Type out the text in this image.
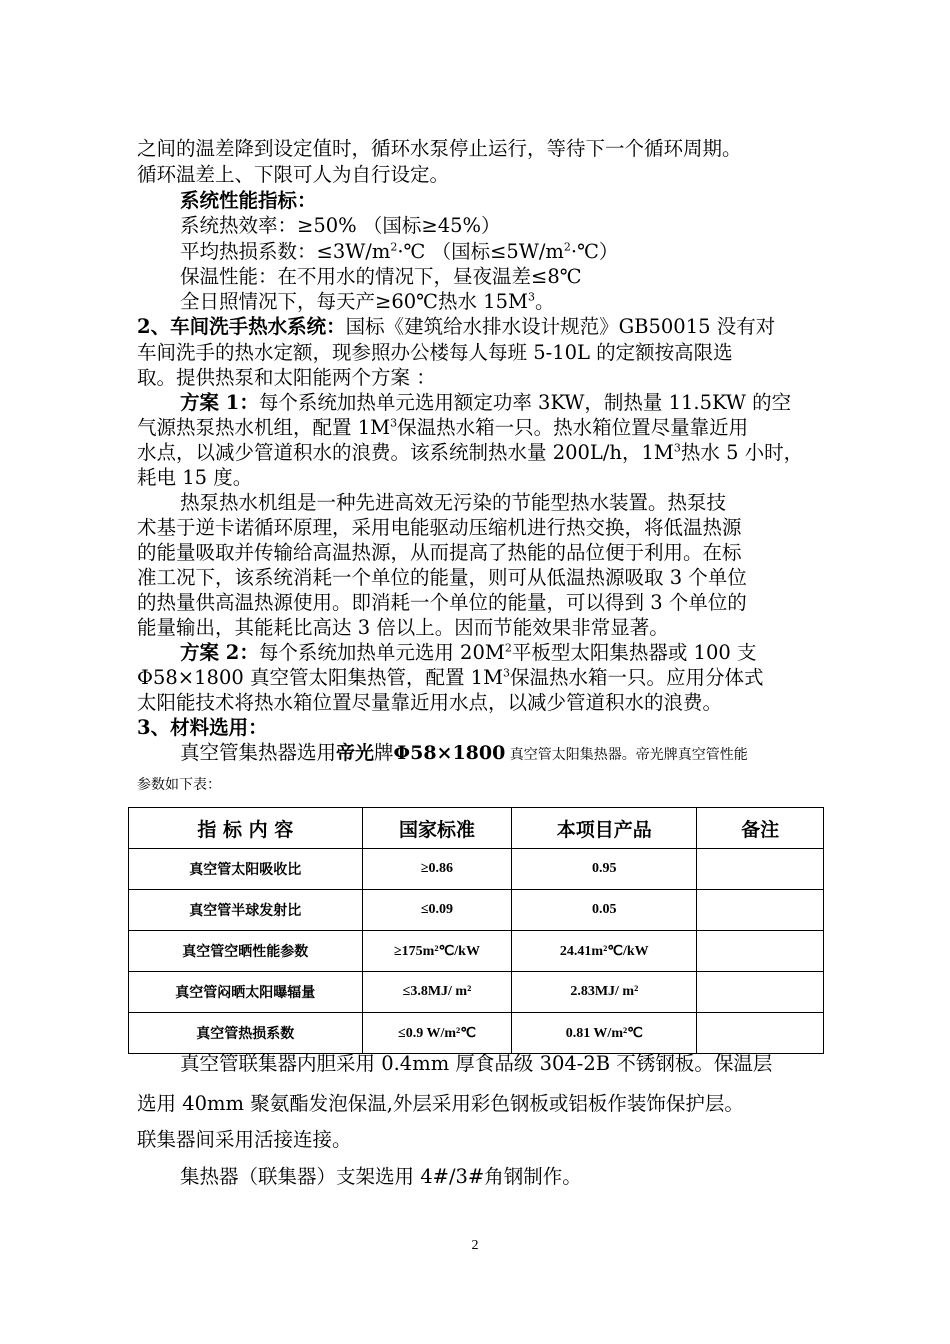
之间的温差降到设定值时，循环水泵停止运行，等待下一个循环周期。
循环温差上、下限可人为自行设定。
系统性能指标：
系统热效率：≥50% （国标≥45%）
平均热损系数：$\le 3W/m^2\cdot℃$ （国标$\le 5W/m^2\cdot℃$）
保温性能：在不用水的情况下，昼夜温差≤8℃
全日照情况下，每天产≥60℃热水 $15M^3$。
2、车间洗手热水系统：国标《建筑给水排水设计规范》GB50015 没有对
车间洗手的热水定额，现参照办公楼每人每班 5-10L 的定额按高限选
取。提供热泵和太阳能两个方案 ：
方案 1：每个系统加热单元选用额定功率 3KW，制热量 11.5KW 的空
气源热泵热水机组，配置 $1M^3$保温热水箱一只。热水箱位置尽量靠近用
水点，以减少管道积水的浪费。该系统制热水量 200L/h，$1M^3$热水 5 小时，
耗电 15 度。
热泵热水机组是一种先进高效无污染的节能型热水装置。热泵技
术基于逆卡诺循环原理，采用电能驱动压缩机进行热交换，将低温热源
的能量吸取并传输给高温热源，从而提高了热能的品位便于利用。在标
准工况下，该系统消耗一个单位的能量，则可从低温热源吸取 3 个单位
的热量供高温热源使用。即消耗一个单位的能量，可以得到 3 个单位的
能量输出，其能耗比高达 3 倍以上。因而节能效果非常显著。
方案 2：每个系统加热单元选用 $20M^2$平板型太阳集热器或 100 支
Φ58×1800 真空管太阳集热管，配置 $1M^3$保温热水箱一只。应用分体式
太阳能技术将热水箱位置尽量靠近用水点，以减少管道积水的浪费。
3、材料选用：
真空管集热器选用帝光牌Φ58×1800 真空管太阳集热器。帝光牌真空管性能
参数如下表：
指 标 内 容	国家标准	本项目产品	备注
真空管太阳吸收比	≥0.86	0.95	
真空管半球发射比	≤0.09	0.05	
真空管空晒性能参数	≥175m²℃/kW	24.41m²℃/kW	
真空管闷晒太阳曝辐量	≤3.8MJ/ m²	2.83MJ/ m²	
真空管热损系数	≤0.9 W/m²℃	0.81 W/m²℃	
真空管联集器内胆采用 0.4mm 厚食品级 304-2B 不锈钢板。保温层
选用 40mm 聚氨酯发泡保温,外层采用彩色钢板或铝板作装饰保护层。
联集器间采用活接连接。
集热器（联集器）支架选用 4#/3#角钢制作。
2
